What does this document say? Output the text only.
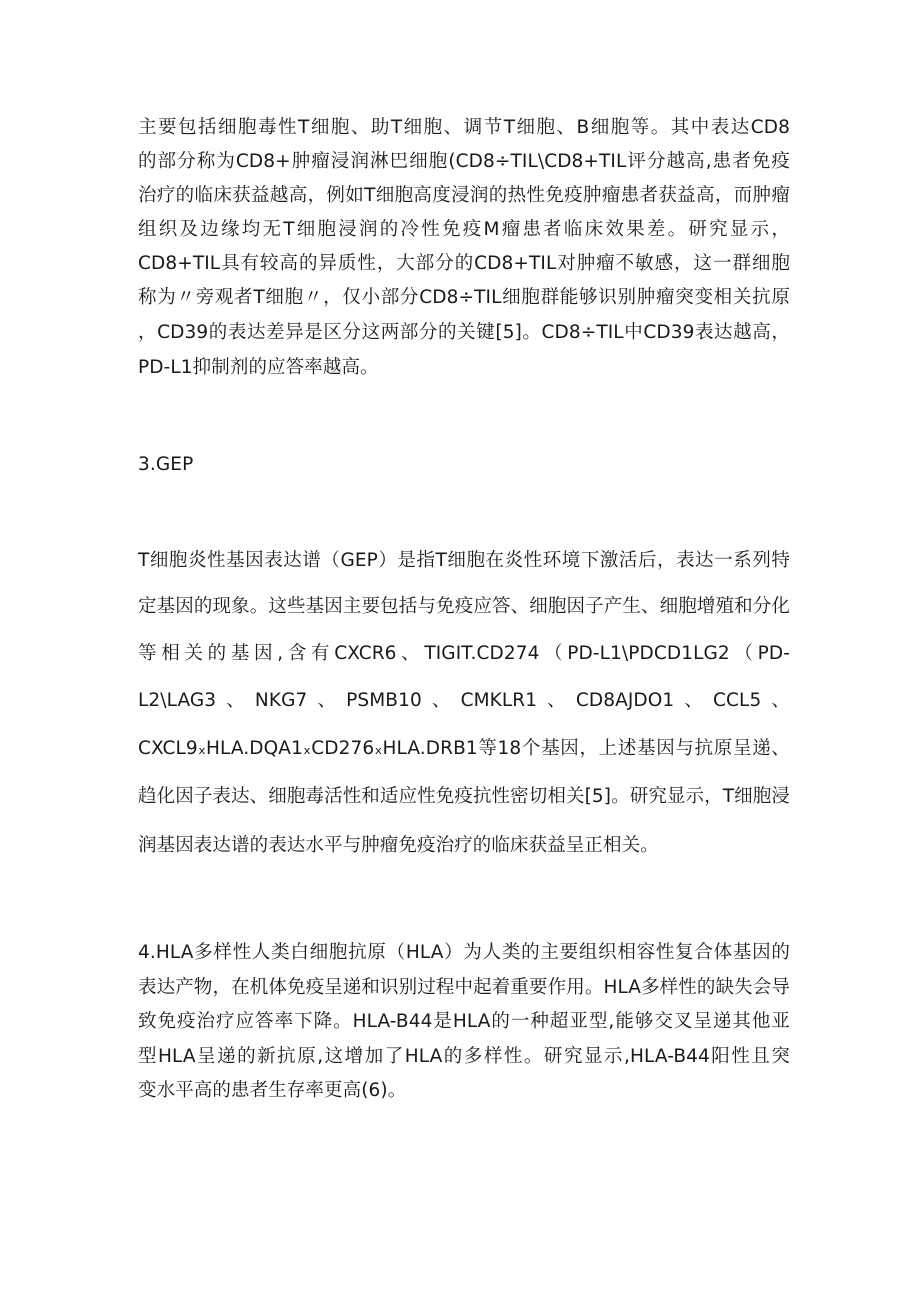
主要包括细胞毒性T细胞、助T细胞、调节T细胞、B细胞等。其中表达CD8
的部分称为CD8+肿瘤浸润淋巴细胞(CD8÷TIL\CD8+TIL评分越高,患者免疫
治疗的临床获益越高，例如T细胞高度浸润的热性免疫肿瘤患者获益高，而肿瘤
组织及边缘均无T细胞浸润的冷性免疫M瘤患者临床效果差。研究显示，
CD8+TIL具有较高的异质性，大部分的CD8+TIL对肿瘤不敏感，这一群细胞
称为〃旁观者T细胞〃，仅小部分CD8÷TIL细胞群能够识别肿瘤突变相关抗原
，CD39的表达差异是区分这两部分的关键[5]。CD8÷TIL中CD39表达越高，
PD-L1抑制剂的应答率越高。
3.GEP
T细胞炎性基因表达谱（GEP）是指T细胞在炎性环境下激活后，表达一系列特
定基因的现象。这些基因主要包括与免疫应答、细胞因子产生、细胞增殖和分化
等相关的基因,含有CXCR6、TIGIT.CD274（PD-L1\PDCD1LG2（PD-
L2\LAG3、NKG7、PSMB10、CMKLR1、CD8AJDO1、CCL5、
CXCL9ₓHLA.DQA1ₓCD276ₓHLA.DRB1等18个基因，上述基因与抗原呈递、
趋化因子表达、细胞毒活性和适应性免疫抗性密切相关[5]。研究显示，T细胞浸
润基因表达谱的表达水平与肿瘤免疫治疗的临床获益呈正相关。
4.HLA多样性人类白细胞抗原（HLA）为人类的主要组织相容性复合体基因的
表达产物，在机体免疫呈递和识别过程中起着重要作用。HLA多样性的缺失会导
致免疫治疗应答率下降。HLA-B44是HLA的一种超亚型,能够交叉呈递其他亚
型HLA呈递的新抗原,这增加了HLA的多样性。研究显示,HLA-B44阳性且突
变水平高的患者生存率更高(6)。
